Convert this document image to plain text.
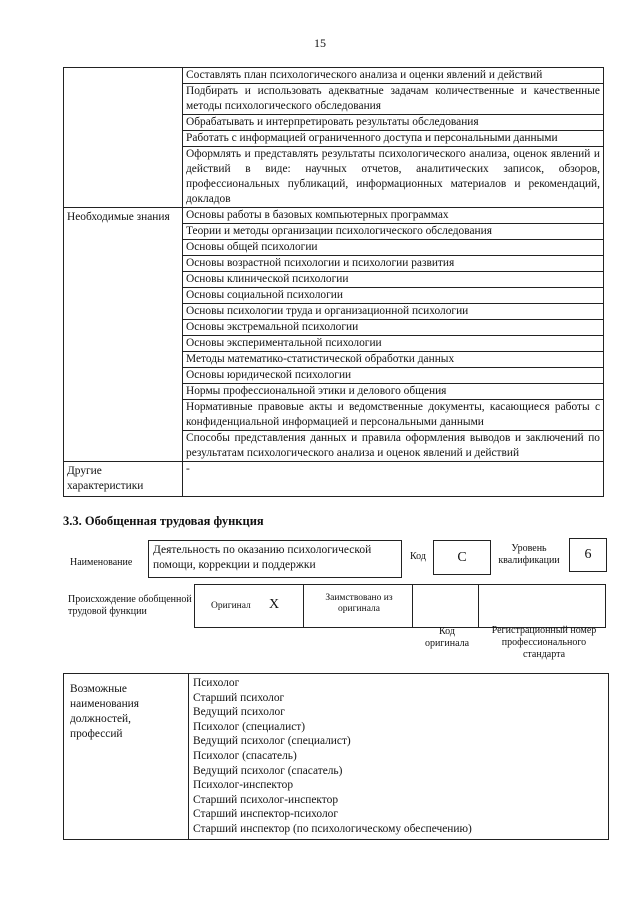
15
	Составлять план психологического анализа и оценки явлений и действий
	Подбирать и использовать адекватные задачам количественные и качественные методы психологического обследования
	Обрабатывать и интерпретировать результаты обследования
	Работать с информацией ограниченного доступа и персональными данными
	Оформлять и представлять результаты психологического анализа, оценок явлений и действий в виде: научных отчетов, аналитических записок, обзоров, профессиональных публикаций, информационных материалов и рекомендаций, докладов
Необходимые знания	Основы работы в базовых компьютерных программах
	Теории и методы организации психологического обследования
	Основы общей психологии
	Основы возрастной психологии и психологии развития
	Основы клинической психологии
	Основы социальной психологии
	Основы психологии труда и организационной психологии
	Основы экстремальной психологии
	Основы экспериментальной психологии
	Методы математико-статистической обработки данных
	Основы юридической психологии
	Нормы профессиональной этики и делового общения
	Нормативные правовые акты и ведомственные документы, касающиеся работы с конфиденциальной информацией и персональными данными
	Способы представления данных и правила оформления выводов и заключений по результатам психологического анализа и оценок явлений и действий
Другие характеристики	-
3.3. Обобщенная трудовая функция
Наименование
Деятельность по оказанию психологической помощи, коррекции и поддержки
Код	C
Уровень квалификации	6
Происхождение обобщенной трудовой функции	Оригинал X	Заимствовано из оригинала
Код оригинала
Регистрационный номер профессионального стандарта
Возможные наименования должностей, профессий	
Психолог
Старший психолог
Ведущий психолог
Психолог (специалист)
Ведущий психолог (специалист)
Психолог (спасатель)
Ведущий психолог (спасатель)
Психолог-инспектор
Старший психолог-инспектор
Старший инспектор-психолог
Старший инспектор (по психологическому обеспечению)
